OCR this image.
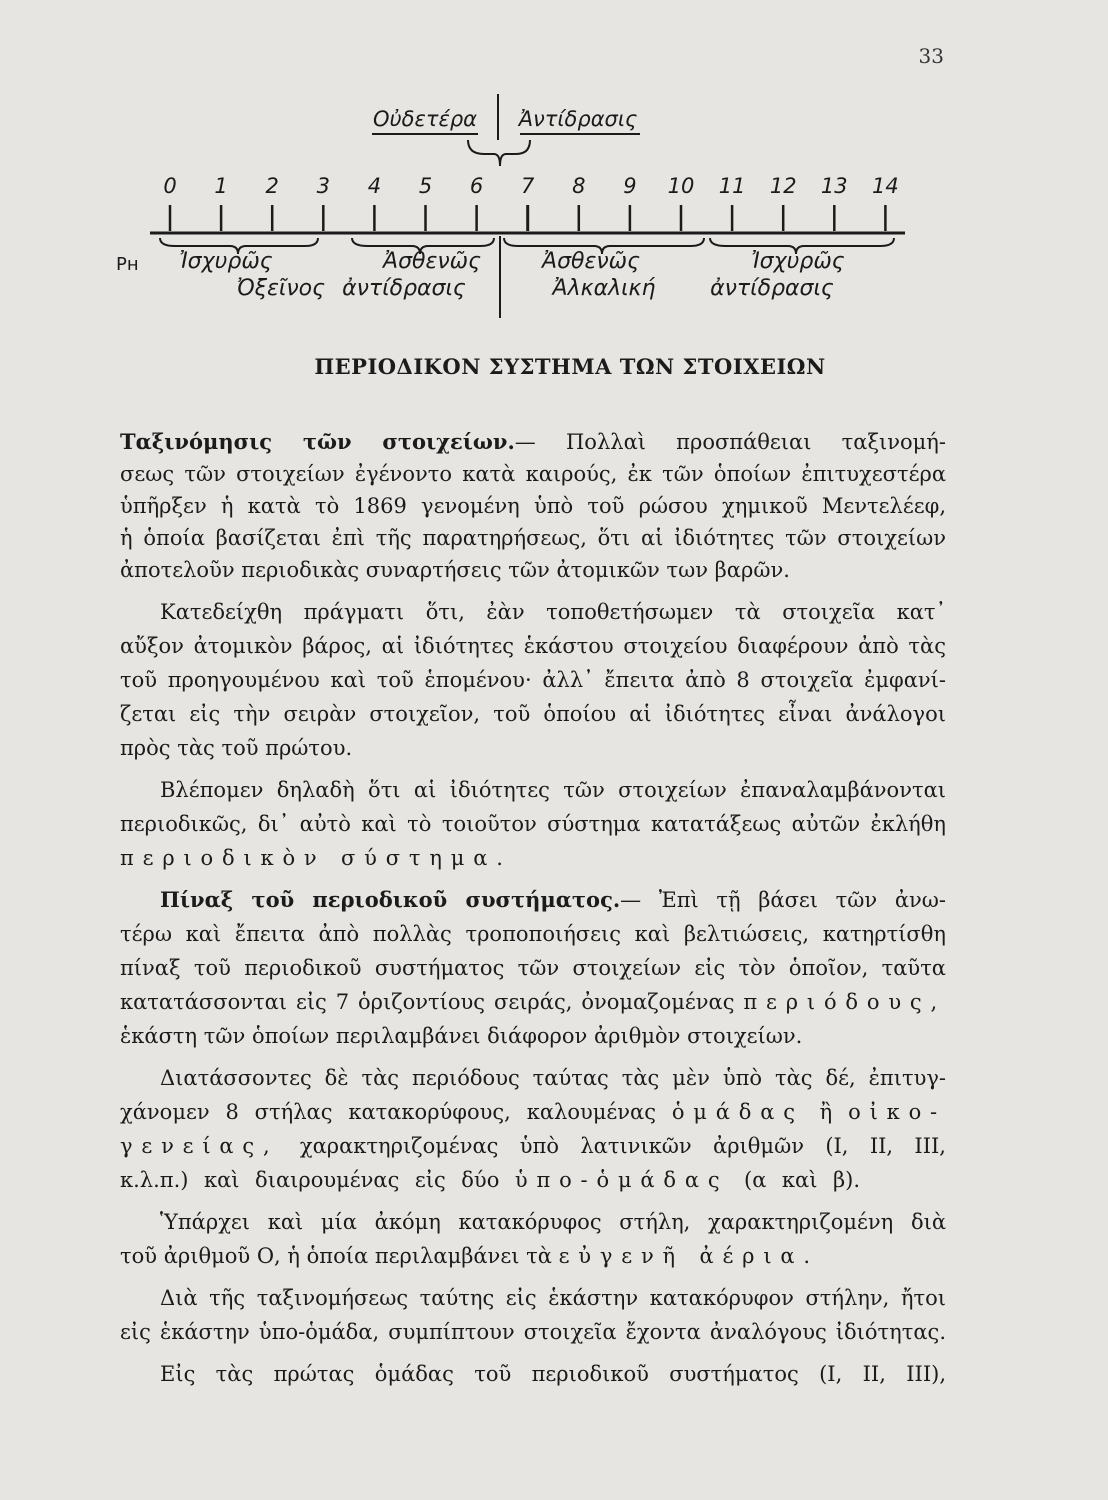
33
Οὐδετέρα Ἀντίδρασις
0 1 2 3 4 5 6 7 8 9 10 11 12 13 14
Ρн Ἰσχυρῶς
Ὀξεῖνος
Ἀσθενῶς
ἀντίδρασις
Ἀσθενῶς
Ἀλκαλική
Ἰσχυρῶς
ἀντίδρασις
ΠΕΡΙΟΔΙΚΟΝ ΣΥΣΤΗΜΑ ΤΩΝ ΣΤΟΙΧΕΙΩΝ
Ταξινόμησις τῶν στοιχείων.— Πολλαὶ προσπάθειαι ταξινομή-
σεως τῶν στοιχείων ἐγένοντο κατὰ καιρούς, ἐκ τῶν ὁποίων ἐπιτυχεστέρα
ὑπῆρξεν ἡ κατὰ τὸ 1869 γενομένη ὑπὸ τοῦ ρώσου χημικοῦ Μεντελέεφ,
ἡ ὁποία βασίζεται ἐπὶ τῆς παρατηρήσεως, ὅτι αἱ ἰδιότητες τῶν στοιχείων
ἀποτελοῦν περιοδικὰς συναρτήσεις τῶν ἀτομικῶν των βαρῶν.
Κατεδείχθη πράγματι ὅτι, ἐὰν τοποθετήσωμεν τὰ στοιχεῖα κατ᾽
αὔξον ἀτομικὸν βάρος, αἱ ἰδιότητες ἑκάστου στοιχείου διαφέρουν ἀπὸ τὰς
τοῦ προηγουμένου καὶ τοῦ ἑπομένου· ἀλλ᾽ ἔπειτα ἀπὸ 8 στοιχεῖα ἐμφανί-
ζεται εἰς τὴν σειρὰν στοιχεῖον, τοῦ ὁποίου αἱ ἰδιότητες εἶναι ἀνάλογοι
πρὸς τὰς τοῦ πρώτου.
Βλέπομεν δηλαδὴ ὅτι αἱ ἰδιότητες τῶν στοιχείων ἐπαναλαμβάνονται
περιοδικῶς, δι᾽ αὐτὸ καὶ τὸ τοιοῦτον σύστημα κατατάξεως αὐτῶν ἐκλήθη
περιοδικὸν σύστημα.
Πίναξ τοῦ περιοδικοῦ συστήματος.— Ἐπὶ τῇ βάσει τῶν ἀνω-
τέρω καὶ ἔπειτα ἀπὸ πολλὰς τροποποιήσεις καὶ βελτιώσεις, κατηρτίσθη
πίναξ τοῦ περιοδικοῦ συστήματος τῶν στοιχείων εἰς τὸν ὁποῖον, ταῦτα
κατατάσσονται εἰς 7 ὁριζοντίους σειράς, ὀνομαζομένας περιόδους,
ἑκάστη τῶν ὁποίων περιλαμβάνει διάφορον ἀριθμὸν στοιχείων.
Διατάσσοντες δὲ τὰς περιόδους ταύτας τὰς μὲν ὑπὸ τὰς δέ, ἐπιτυγ-
χάνομεν 8 στήλας κατακορύφους, καλουμένας ὁμάδας ἢ οἰκο-
γενείας, χαρακτηριζομένας ὑπὸ λατινικῶν ἀριθμῶν (Ι, ΙΙ, ΙΙΙ,
κ.λ.π.) καὶ διαιρουμένας εἰς δύο ὑπο-ὁμάδας (α καὶ β).
Ὑπάρχει καὶ μία ἀκόμη κατακόρυφος στήλη, χαρακτηριζομένη διὰ
τοῦ ἀριθμοῦ Ο, ἡ ὁποία περιλαμβάνει τὰ εὐγενῆ ἀέρια.
Διὰ τῆς ταξινομήσεως ταύτης εἰς ἑκάστην κατακόρυφον στήλην, ἤτοι
εἰς ἑκάστην ὑπο-ὁμάδα, συμπίπτουν στοιχεῖα ἔχοντα ἀναλόγους ἰδιότητας.
Εἰς τὰς πρώτας ὁμάδας τοῦ περιοδικοῦ συστήματος (Ι, ΙΙ, ΙΙΙ),
